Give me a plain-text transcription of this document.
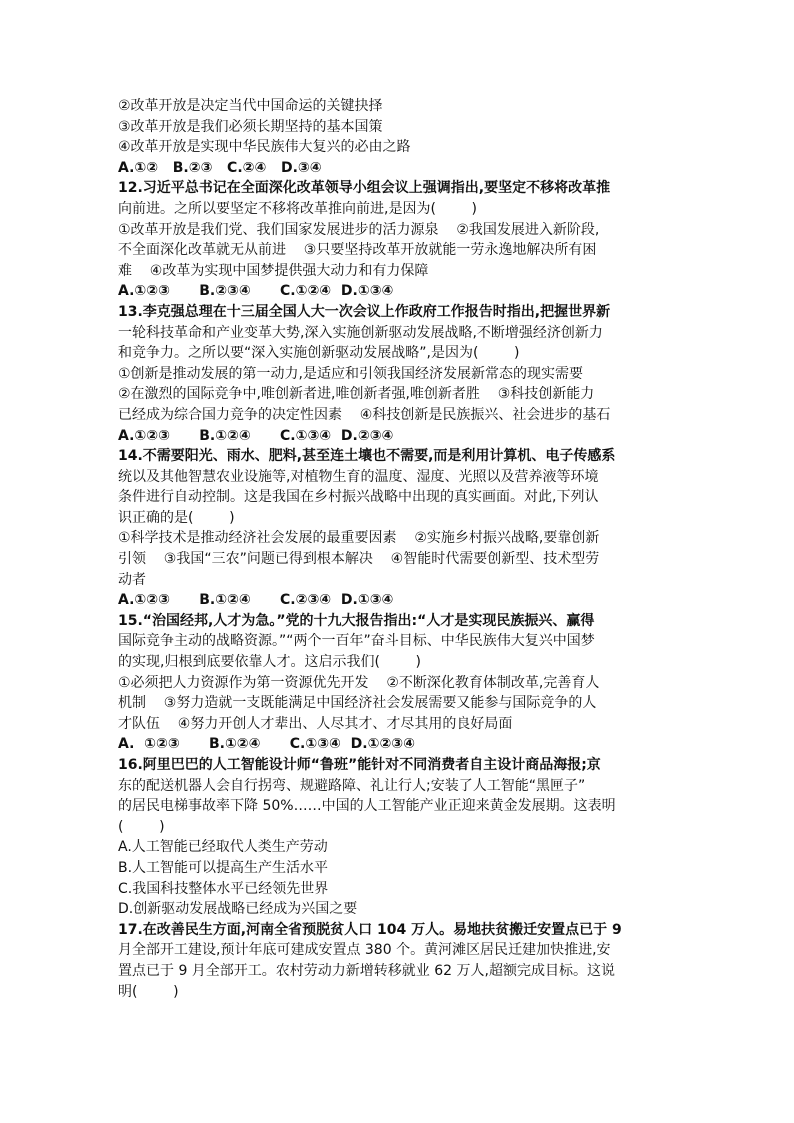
②改革开放是决定当代中国命运的关键抉择
③改革开放是我们必须长期坚持的基本国策
④改革开放是实现中华民族伟大复兴的必由之路
A.①②   B.②③   C.②④   D.③④
12.习近平总书记在全面深化改革领导小组会议上强调指出,要坚定不移将改革推
向前进。之所以要坚定不移将改革推向前进,是因为(        )
①改革开放是我们党、我们国家发展进步的活力源泉    ②我国发展进入新阶段,
不全面深化改革就无从前进    ③只要坚持改革开放就能一劳永逸地解决所有困
难    ④改革为实现中国梦提供强大动力和有力保障
A.①②③      B.②③④      C.①②④  D.①③④
13.李克强总理在十三届全国人大一次会议上作政府工作报告时指出,把握世界新
一轮科技革命和产业变革大势,深入实施创新驱动发展战略,不断增强经济创新力
和竞争力。之所以要“深入实施创新驱动发展战略”,是因为(        )
①创新是推动发展的第一动力,是适应和引领我国经济发展新常态的现实需要
②在激烈的国际竞争中,唯创新者进,唯创新者强,唯创新者胜    ③科技创新能力
已经成为综合国力竞争的决定性因素    ④科技创新是民族振兴、社会进步的基石
A.①②③      B.①②④      C.①③④  D.②③④
14.不需要阳光、雨水、肥料,甚至连土壤也不需要,而是利用计算机、电子传感系
统以及其他智慧农业设施等,对植物生育的温度、湿度、光照以及营养液等环境
条件进行自动控制。这是我国在乡村振兴战略中出现的真实画面。对此,下列认
识正确的是(        )
①科学技术是推动经济社会发展的最重要因素    ②实施乡村振兴战略,要靠创新
引领    ③我国“三农”问题已得到根本解决    ④智能时代需要创新型、技术型劳
动者
A.①②③      B.①②④      C.②③④  D.①③④
15.“治国经邦,人才为急。”党的十九大报告指出:“人才是实现民族振兴、赢得
国际竞争主动的战略资源。”“两个一百年”奋斗目标、中华民族伟大复兴中国梦
的实现,归根到底要依靠人才。这启示我们(        )
①必须把人力资源作为第一资源优先开发    ②不断深化教育体制改革,完善育人
机制    ③努力造就一支既能满足中国经济社会发展需要又能参与国际竞争的人
才队伍    ④努力开创人才辈出、人尽其才、才尽其用的良好局面
A.  ①②③      B.①②④      C.①③④  D.①②③④
16.阿里巴巴的人工智能设计师“鲁班”能针对不同消费者自主设计商品海报;京
东的配送机器人会自行拐弯、规避路障、礼让行人;安装了人工智能“黑匣子”
的居民电梯事故率下降 50%……中国的人工智能产业正迎来黄金发展期。这表明
(        )
A.人工智能已经取代人类生产劳动
B.人工智能可以提高生产生活水平
C.我国科技整体水平已经领先世界
D.创新驱动发展战略已经成为兴国之要
17.在改善民生方面,河南全省预脱贫人口 104 万人。易地扶贫搬迁安置点已于 9
月全部开工建设,预计年底可建成安置点 380 个。黄河滩区居民迁建加快推进,安
置点已于 9 月全部开工。农村劳动力新增转移就业 62 万人,超额完成目标。这说
明(        )
